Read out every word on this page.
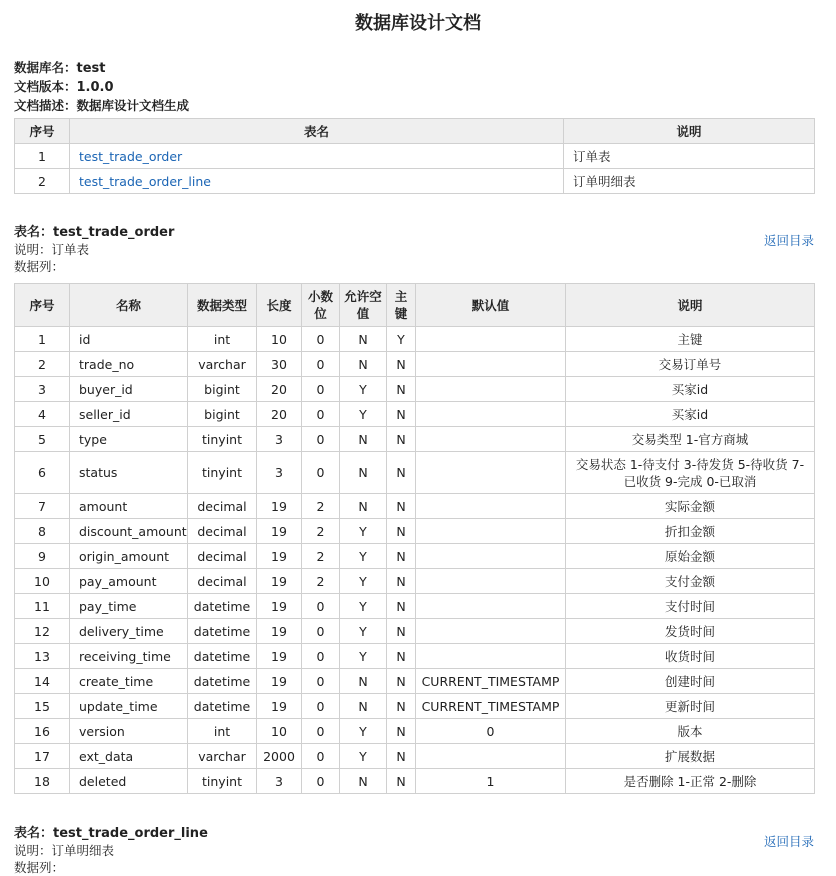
数据库设计文档
数据库名：test
文档版本：1.0.0
文档描述：数据库设计文档生成
序号	表名	说明
1	test_trade_order	订单表
2	test_trade_order_line	订单明细表
表名：test_trade_order
说明：订单表
数据列：
返回目录
序号	名称	数据类型	长度	小数位	允许空值	主键	默认值	说明
1	id	int	10	0	N	Y		主键
2	trade_no	varchar	30	0	N	N		交易订单号
3	buyer_id	bigint	20	0	Y	N		买家id
4	seller_id	bigint	20	0	Y	N		买家id
5	type	tinyint	3	0	N	N		交易类型 1-官方商城
6	status	tinyint	3	0	N	N		交易状态 1-待支付 3-待发货 5-待收货 7-已收货 9-完成 0-已取消
7	amount	decimal	19	2	N	N		实际金额
8	discount_amount	decimal	19	2	Y	N		折扣金额
9	origin_amount	decimal	19	2	Y	N		原始金额
10	pay_amount	decimal	19	2	Y	N		支付金额
11	pay_time	datetime	19	0	Y	N		支付时间
12	delivery_time	datetime	19	0	Y	N		发货时间
13	receiving_time	datetime	19	0	Y	N		收货时间
14	create_time	datetime	19	0	N	N	CURRENT_TIMESTAMP	创建时间
15	update_time	datetime	19	0	N	N	CURRENT_TIMESTAMP	更新时间
16	version	int	10	0	Y	N	0	版本
17	ext_data	varchar	2000	0	Y	N		扩展数据
18	deleted	tinyint	3	0	N	N	1	是否删除 1-正常 2-删除
表名：test_trade_order_line
说明：订单明细表
数据列：
返回目录
